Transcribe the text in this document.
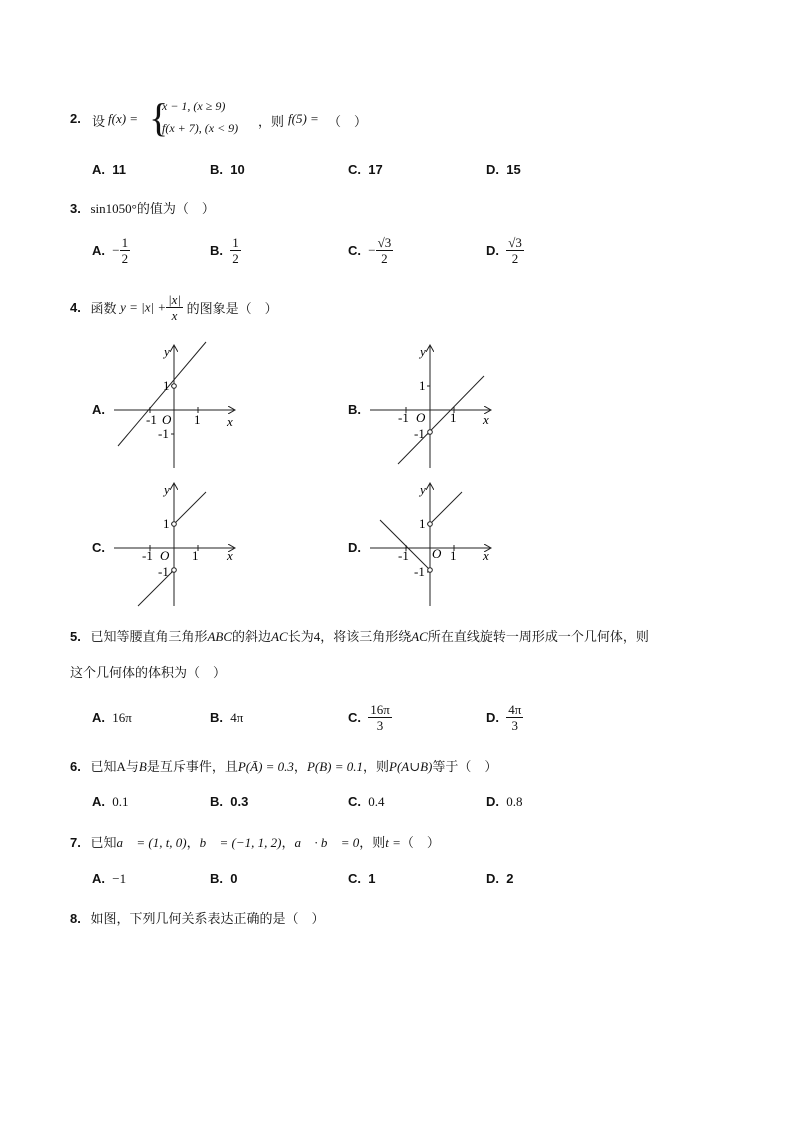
2. 设 f(x) = {
x − 1, (x ≥ 9)
f(x + 7), (x < 9) ，则 f(5) = （　）
A. 11	B. 10	C. 17	D. 15
3. sin1050°的值为（　）
A. − $\frac{1}{2}$	B. $\frac{1}{2}$	C. − $\frac{√3}{2}$	D. $\frac{√3}{2}$
4. 函数 $y = |x| + \frac{|x|}{x}$ 的图象是（　）
A.	B.
C.	D.
y
x
O 1
-1
1
-1
y
x
O 1
-1
1
-1
y
x
O 1
-1
1
-1
y
x
O 1
-1
1
-1
5. 已知等腰直角三角形ABC的斜边AC长为4，将该三角形绕AC所在直线旋转一周形成一个几何体，则
这个几何体的体积为（　）
A. 16π	B. 4π	C. $\frac{16\pi}{3}$	D. $\frac{4\pi}{3}$
6. 已知A与B是互斥事件，且P(Ā) = 0.3，P(B) = 0.1，则P(A∪B)等于（　）
A. 0.1	B. 0.3	C. 0.4	D. 0.8
7. 已知a⃗ = (1, t, 0)，b⃗ = (−1, 1, 2)，a⃗ · b⃗ = 0，则t =（　）
A. −1	B. 0	C. 1	D. 2
8. 如图，下列几何关系表达正确的是（　）
